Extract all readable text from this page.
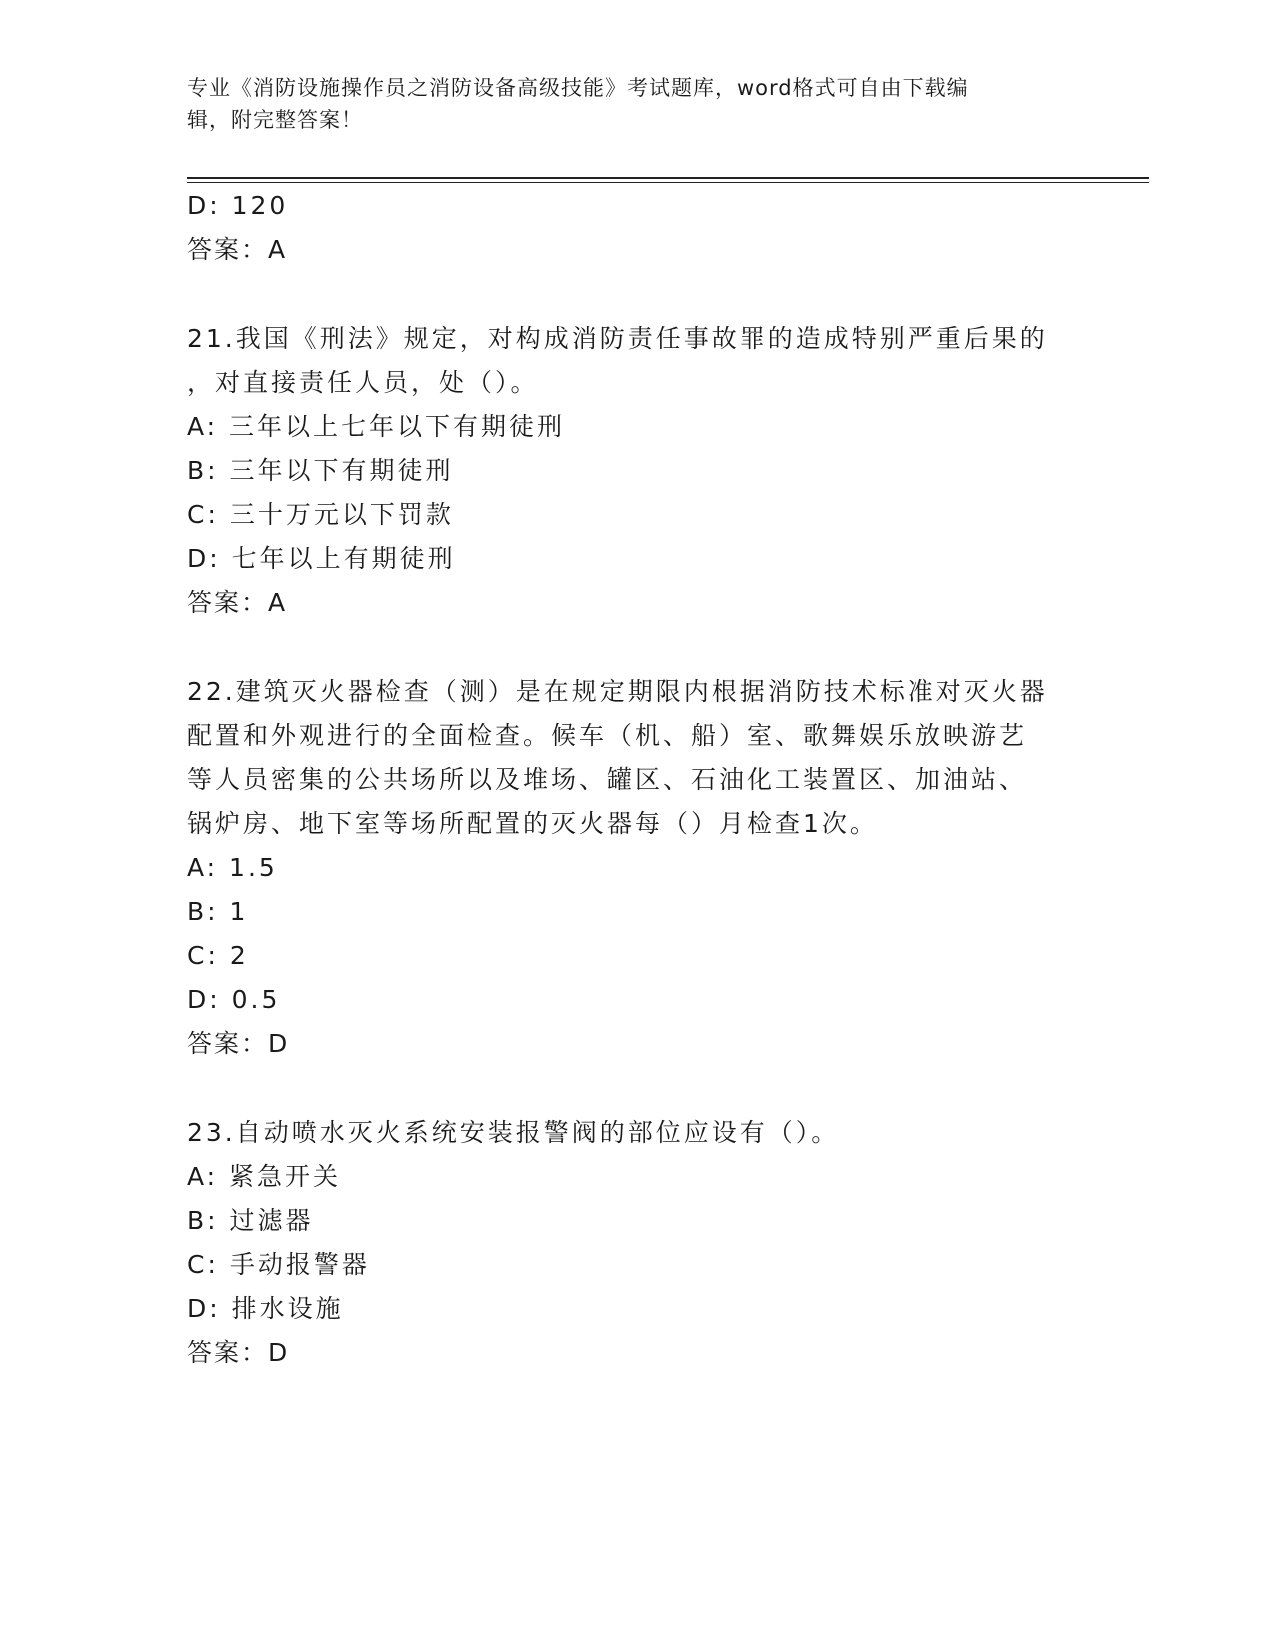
专业《消防设施操作员之消防设备高级技能》考试题库，word格式可自由下载编
辑，附完整答案！
D: 120
答案：A
21.我国《刑法》规定，对构成消防责任事故罪的造成特别严重后果的
，对直接责任人员，处（）。
A: 三年以上七年以下有期徒刑
B: 三年以下有期徒刑
C: 三十万元以下罚款
D: 七年以上有期徒刑
答案：A
22.建筑灭火器检查（测）是在规定期限内根据消防技术标准对灭火器
配置和外观进行的全面检查。候车（机、船）室、歌舞娱乐放映游艺
等人员密集的公共场所以及堆场、罐区、石油化工装置区、加油站、
锅炉房、地下室等场所配置的灭火器每（）月检查1次。
A: 1.5
B: 1
C: 2
D: 0.5
答案：D
23.自动喷水灭火系统安装报警阀的部位应设有（）。
A: 紧急开关
B: 过滤器
C: 手动报警器
D: 排水设施
答案：D
